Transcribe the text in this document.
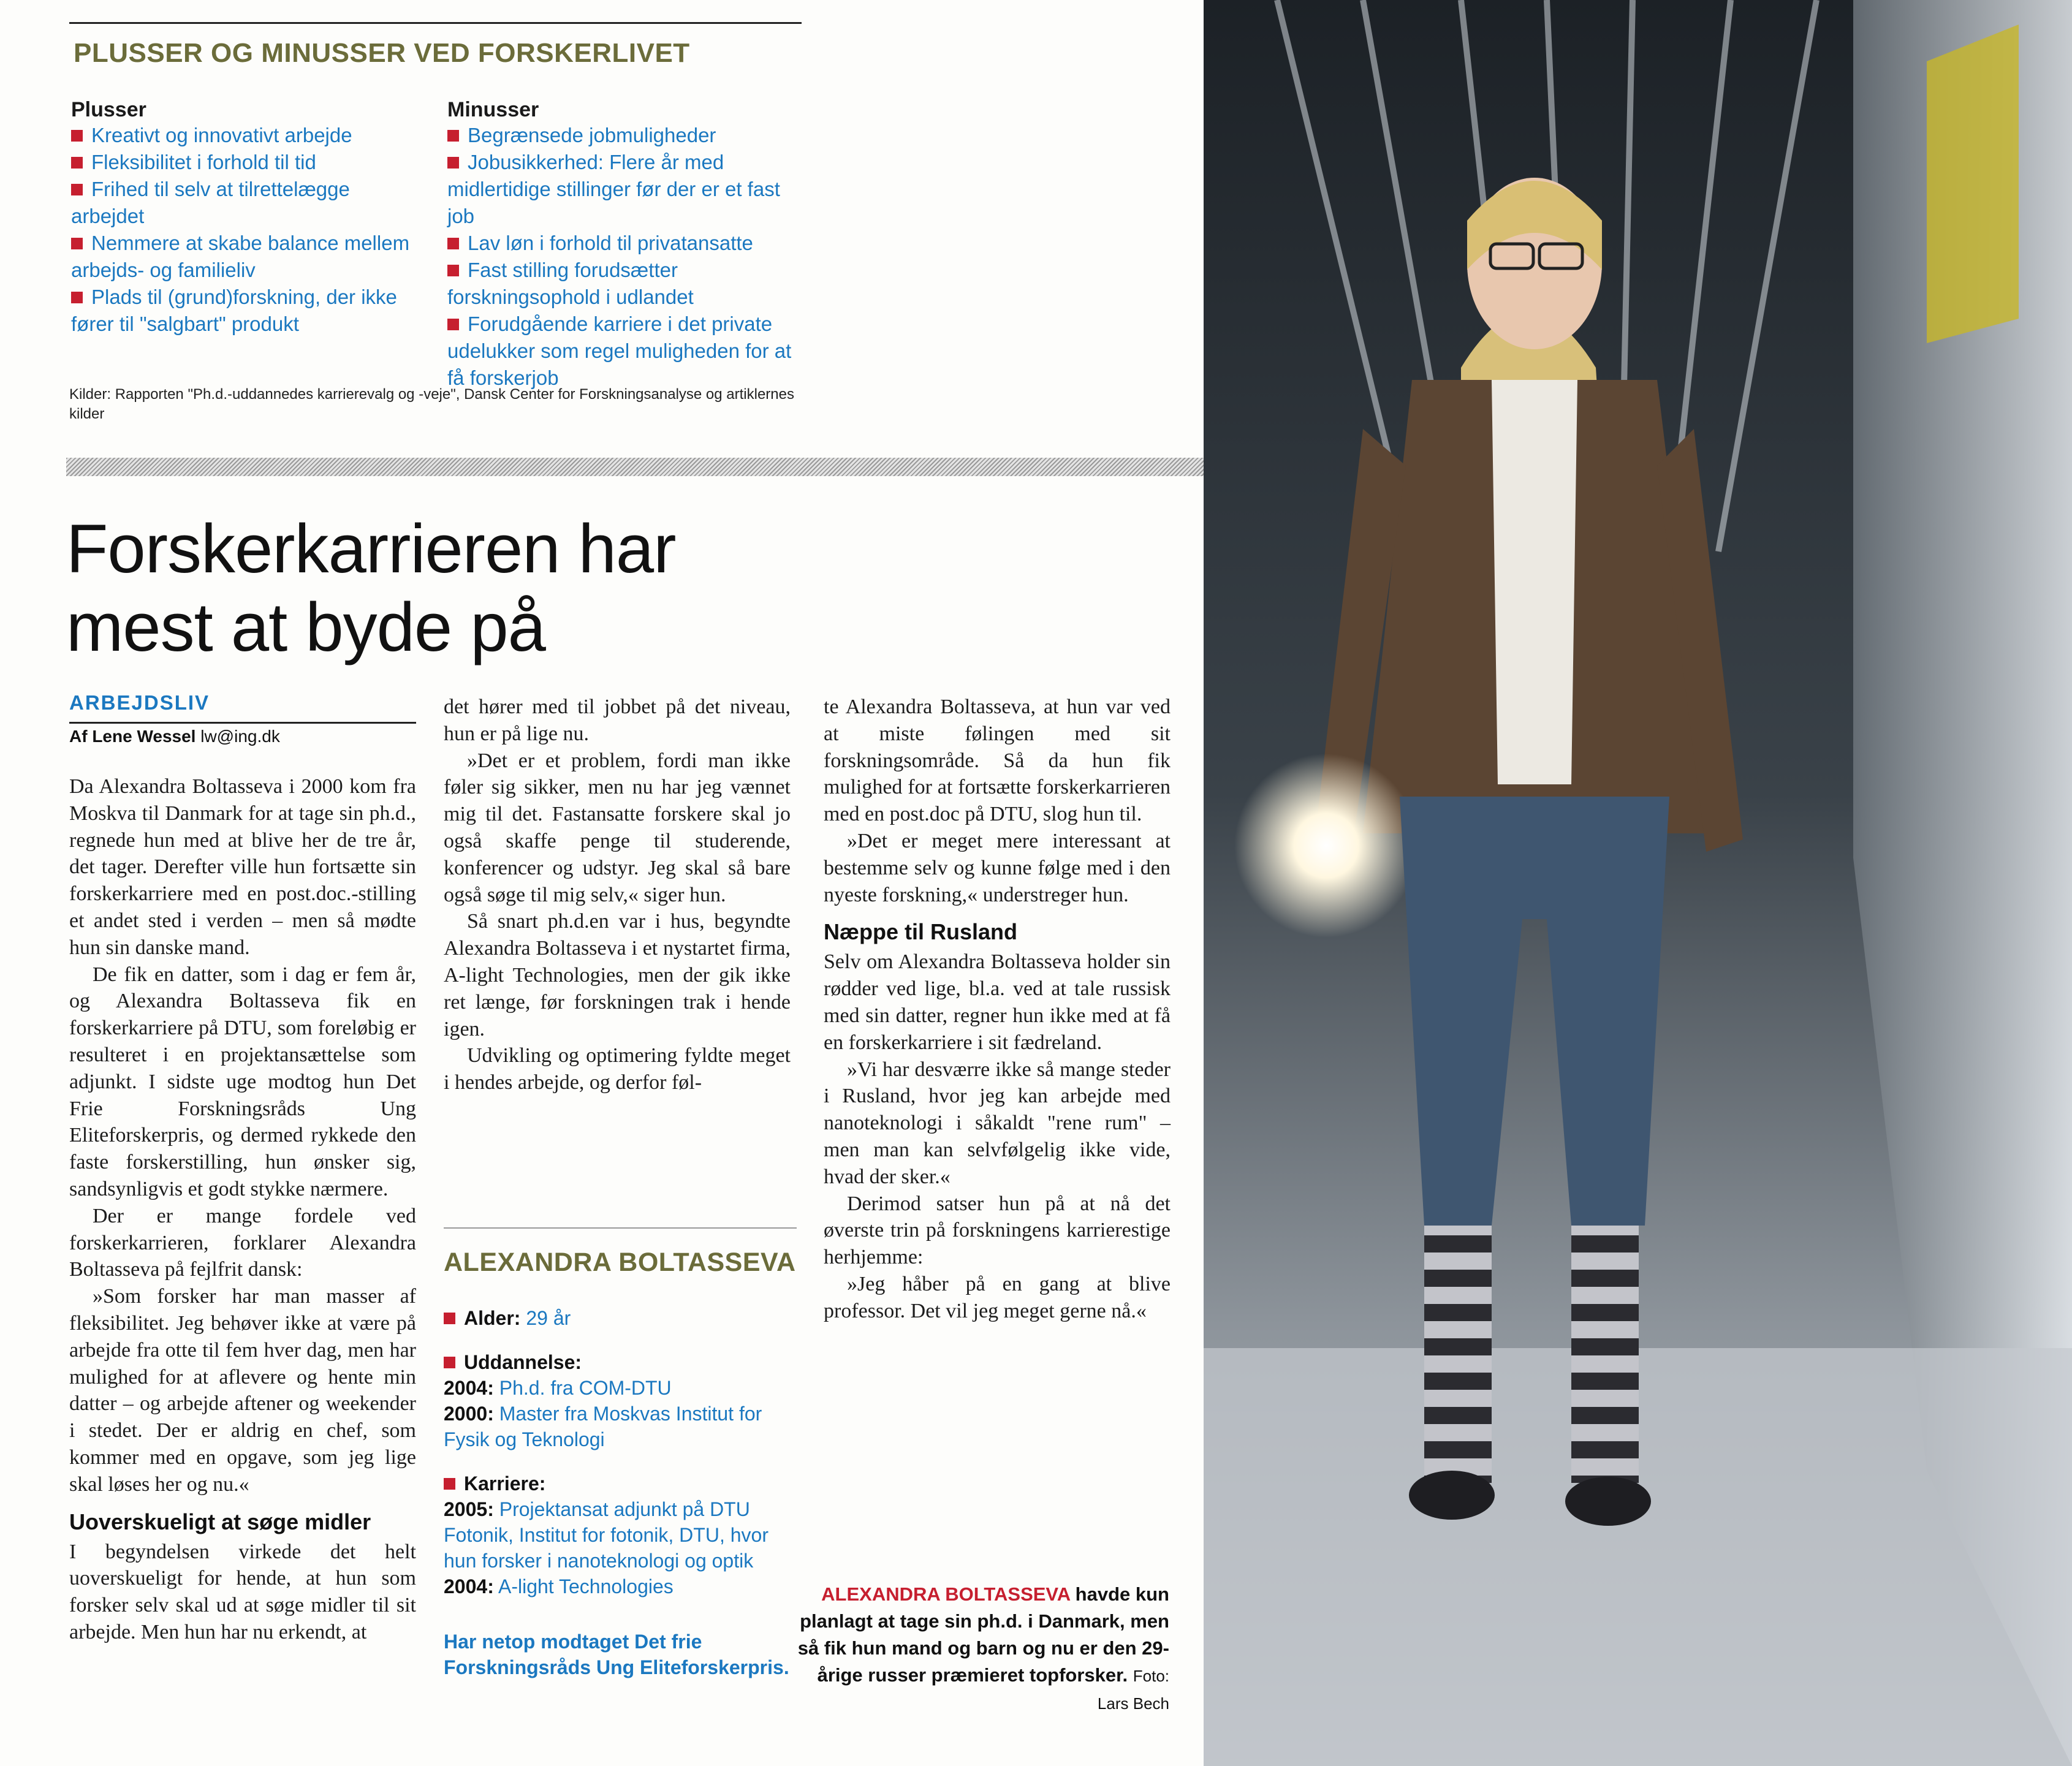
PLUSSER OG MINUSSER VED FORSKERLIVET
Plusser

Kreativt og innovativt arbejde

Fleksibilitet i forhold til tid

Frihed til selv at tilrettelægge arbejdet

Nemmere at skabe balance mellem arbejds- og familieliv

Plads til (grund)forskning, der ikke fører til "salgbart" produkt

Minusser

Begrænsede jobmuligheder

Jobusikkerhed: Flere år med midlertidige stillinger før der er et fast job

Lav løn i forhold til privatansatte

Fast stilling forudsætter forskningsophold i udlandet

Forudgående karriere i det private udelukker som regel muligheden for at få forskerjob

Kilder: Rapporten "Ph.d.-uddannedes karrierevalg og -veje", Dansk Center for Forskningsanalyse og artiklernes kilder
Forskerkarrieren har
mest at byde på
ARBEJDSLIV
Af Lene Wessel lw@ing.dk

Da Alexandra Boltasseva i 2000 kom fra Moskva til Danmark for at tage sin ph.d., regnede hun med at blive her de tre år, det tager. Derefter ville hun fortsætte sin forskerkarriere med en post.doc.-stilling et andet sted i verden – men så mødte hun sin danske mand.

De fik en datter, som i dag er fem år, og Alexandra Boltasseva fik en forskerkarriere på DTU, som foreløbig er resulteret i en projektansættelse som adjunkt. I sidste uge modtog hun Det Frie Forskningsråds Ung Eliteforskerpris, og dermed rykkede den faste forskerstilling, hun ønsker sig, sandsynligvis et godt stykke nærmere.

Der er mange fordele ved forskerkarrieren, forklarer Alexandra Boltasseva på fejlfrit dansk:

»Som forsker har man masser af fleksibilitet. Jeg behøver ikke at være på arbejde fra otte til fem hver dag, men har mulighed for at aflevere og hente min datter – og arbejde aftener og weekender i stedet. Der er aldrig en chef, som kommer med en opgave, som jeg lige skal løses her og nu.«

Uoverskueligt at søge midler

I begyndelsen virkede det helt uoverskueligt for hende, at hun som forsker selv skal ud at søge midler til sit arbejde. Men hun har nu erkendt, at

det hører med til jobbet på det niveau, hun er på lige nu.

»Det er et problem, fordi man ikke føler sig sikker, men nu har jeg vænnet mig til det. Fastansatte forskere skal jo også skaffe penge til studerende, konferencer og udstyr. Jeg skal så bare også søge til mig selv,« siger hun.

Så snart ph.d.en var i hus, begyndte Alexandra Boltasseva i et nystartet firma, A-light Technologies, men der gik ikke ret længe, før forskningen trak i hende igen.

Udvikling og optimering fyldte meget i hendes arbejde, og derfor føl-

ALEXANDRA BOLTASSEVA

Alder: 29 år

Uddannelse:

2004: Ph.d. fra COM-DTU

2000: Master fra Moskvas Institut for Fysik og Teknologi

Karriere:

2005: Projektansat adjunkt på DTU Fotonik, Institut for fotonik, DTU, hvor hun forsker i nanoteknologi og optik

2004: A-light Technologies

Har netop modtaget Det frie Forskningsråds Ung Eliteforskerpris.

te Alexandra Boltasseva, at hun var ved at miste følingen med sit forskningsområde. Så da hun fik mulighed for at fortsætte forskerkarrieren med en post.doc på DTU, slog hun til.

»Det er meget mere interessant at bestemme selv og kunne følge med i den nyeste forskning,« understreger hun.

Næppe til Rusland

Selv om Alexandra Boltasseva holder sin rødder ved lige, bl.a. ved at tale russisk med sin datter, regner hun ikke med at få en forskerkarriere i sit fædreland.

»Vi har desværre ikke så mange steder i Rusland, hvor jeg kan arbejde med nanoteknologi i såkaldt "rene rum" – men man kan selvfølgelig ikke vide, hvad der sker.«

Derimod satser hun på at nå det øverste trin på forskningens karrierestige herhjemme:

»Jeg håber på en gang at blive professor. Det vil jeg meget gerne nå.«

ALEXANDRA BOLTASSEVA havde kun planlagt at tage sin ph.d. i Danmark, men så fik hun mand og barn og nu er den 29-årige russer præmieret topforsker. Foto: Lars Bech
